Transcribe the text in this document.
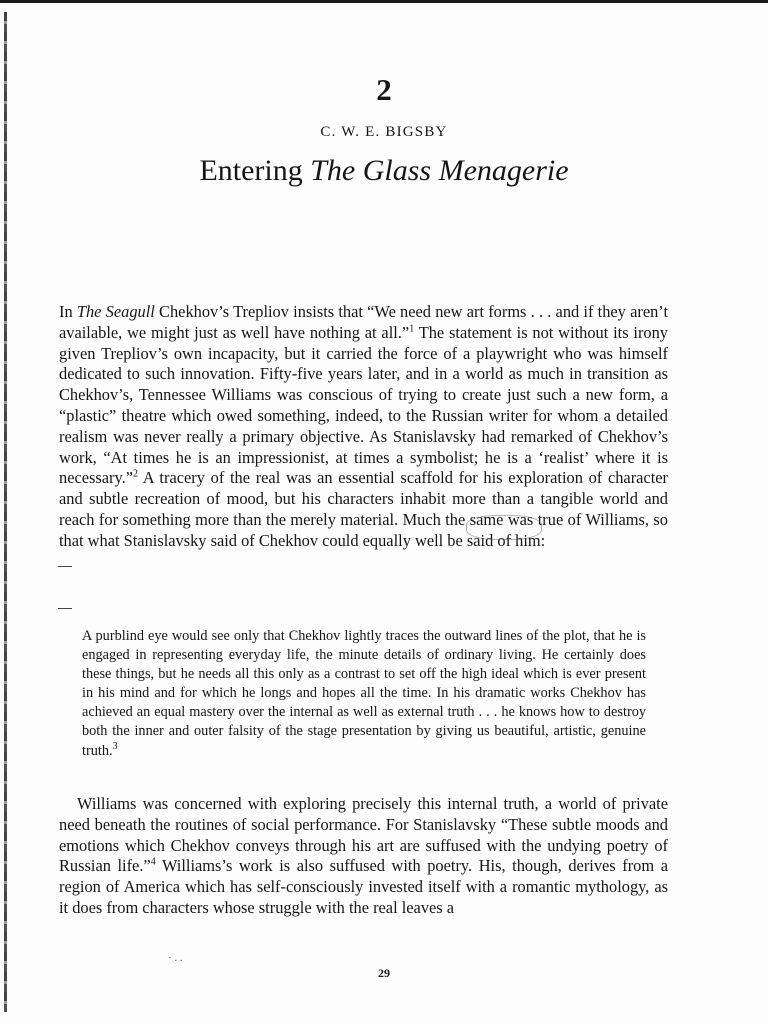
2
C. W. E. BIGSBY
Entering The Glass Menagerie

In The Seagull Chekhov’s Trepliov insists that “We need new art forms . . . and if they aren’t available, we might just as well have nothing at all.”$^1$ The statement is not without its irony given Trepliov’s own incapacity, but it carried the force of a playwright who was himself dedicated to such innovation. Fifty-five years later, and in a world as much in transition as Chekhov’s, Tennessee Williams was conscious of trying to create just such a new form, a “plastic” theatre which owed something, indeed, to the Russian writer for whom a detailed realism was never really a primary objective. As Stanislavsky had remarked of Chekhov’s work, “At times he is an impressionist, at times a symbolist; he is a ‘realist’ where it is necessary.”$^2$ A tracery of the real was an essential scaffold for his exploration of character and subtle recreation of mood, but his characters inhabit more than a tangible world and reach for something more than the merely material. Much the same was true of Williams, so that what Stanislavsky said of Chekhov could equally well be said of him:

A purblind eye would see only that Chekhov lightly traces the outward lines of the plot, that he is engaged in representing everyday life, the minute details of ordinary living. He certainly does these things, but he needs all this only as a contrast to set off the high ideal which is ever present in his mind and for which he longs and hopes all the time. In his dramatic works Chekhov has achieved an equal mastery over the internal as well as external truth . . . he knows how to destroy both the inner and outer falsity of the stage presentation by giving us beautiful, artistic, genuine truth.$^3$

Williams was concerned with exploring precisely this internal truth, a world of private need beneath the routines of social performance. For Stanislavsky “These subtle moods and emotions which Chekhov conveys through his art are suffused with the undying poetry of Russian life.”$^4$ Williams’s work is also suffused with poetry. His, though, derives from a region of America which has self-consciously invested itself with a romantic mythology, as it does from characters whose struggle with the real leaves a

· . .
29
